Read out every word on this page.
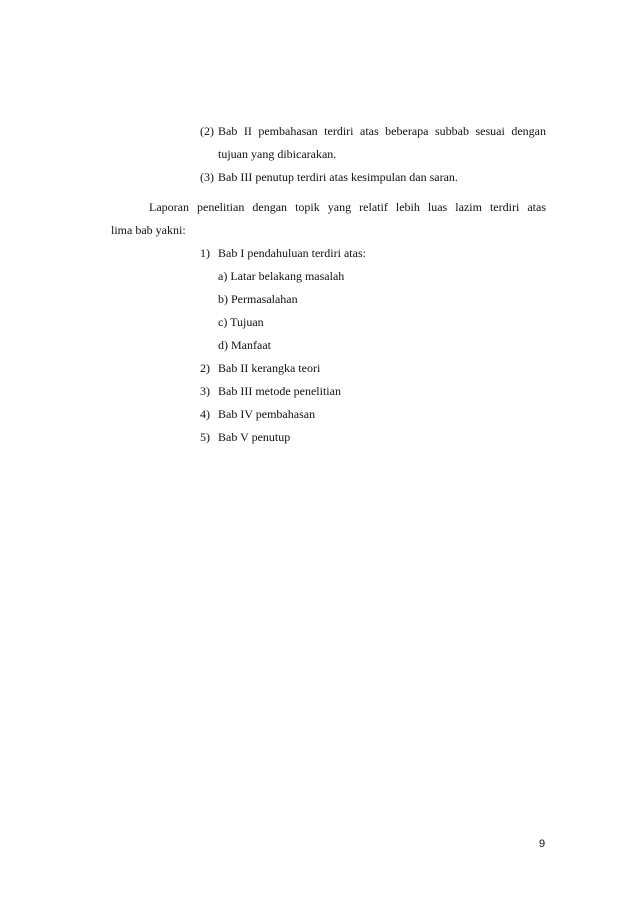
(2) Bab II pembahasan terdiri atas beberapa subbab sesuai dengan
tujuan yang dibicarakan.
(3) Bab III penutup terdiri atas kesimpulan dan saran.
Laporan penelitian dengan topik yang relatif lebih luas lazim terdiri atas
lima bab yakni:
1) Bab I pendahuluan terdiri atas:
a) Latar belakang masalah
b) Permasalahan
c) Tujuan
d) Manfaat
2) Bab II kerangka teori
3) Bab III metode penelitian
4) Bab IV pembahasan
5) Bab V penutup
9
